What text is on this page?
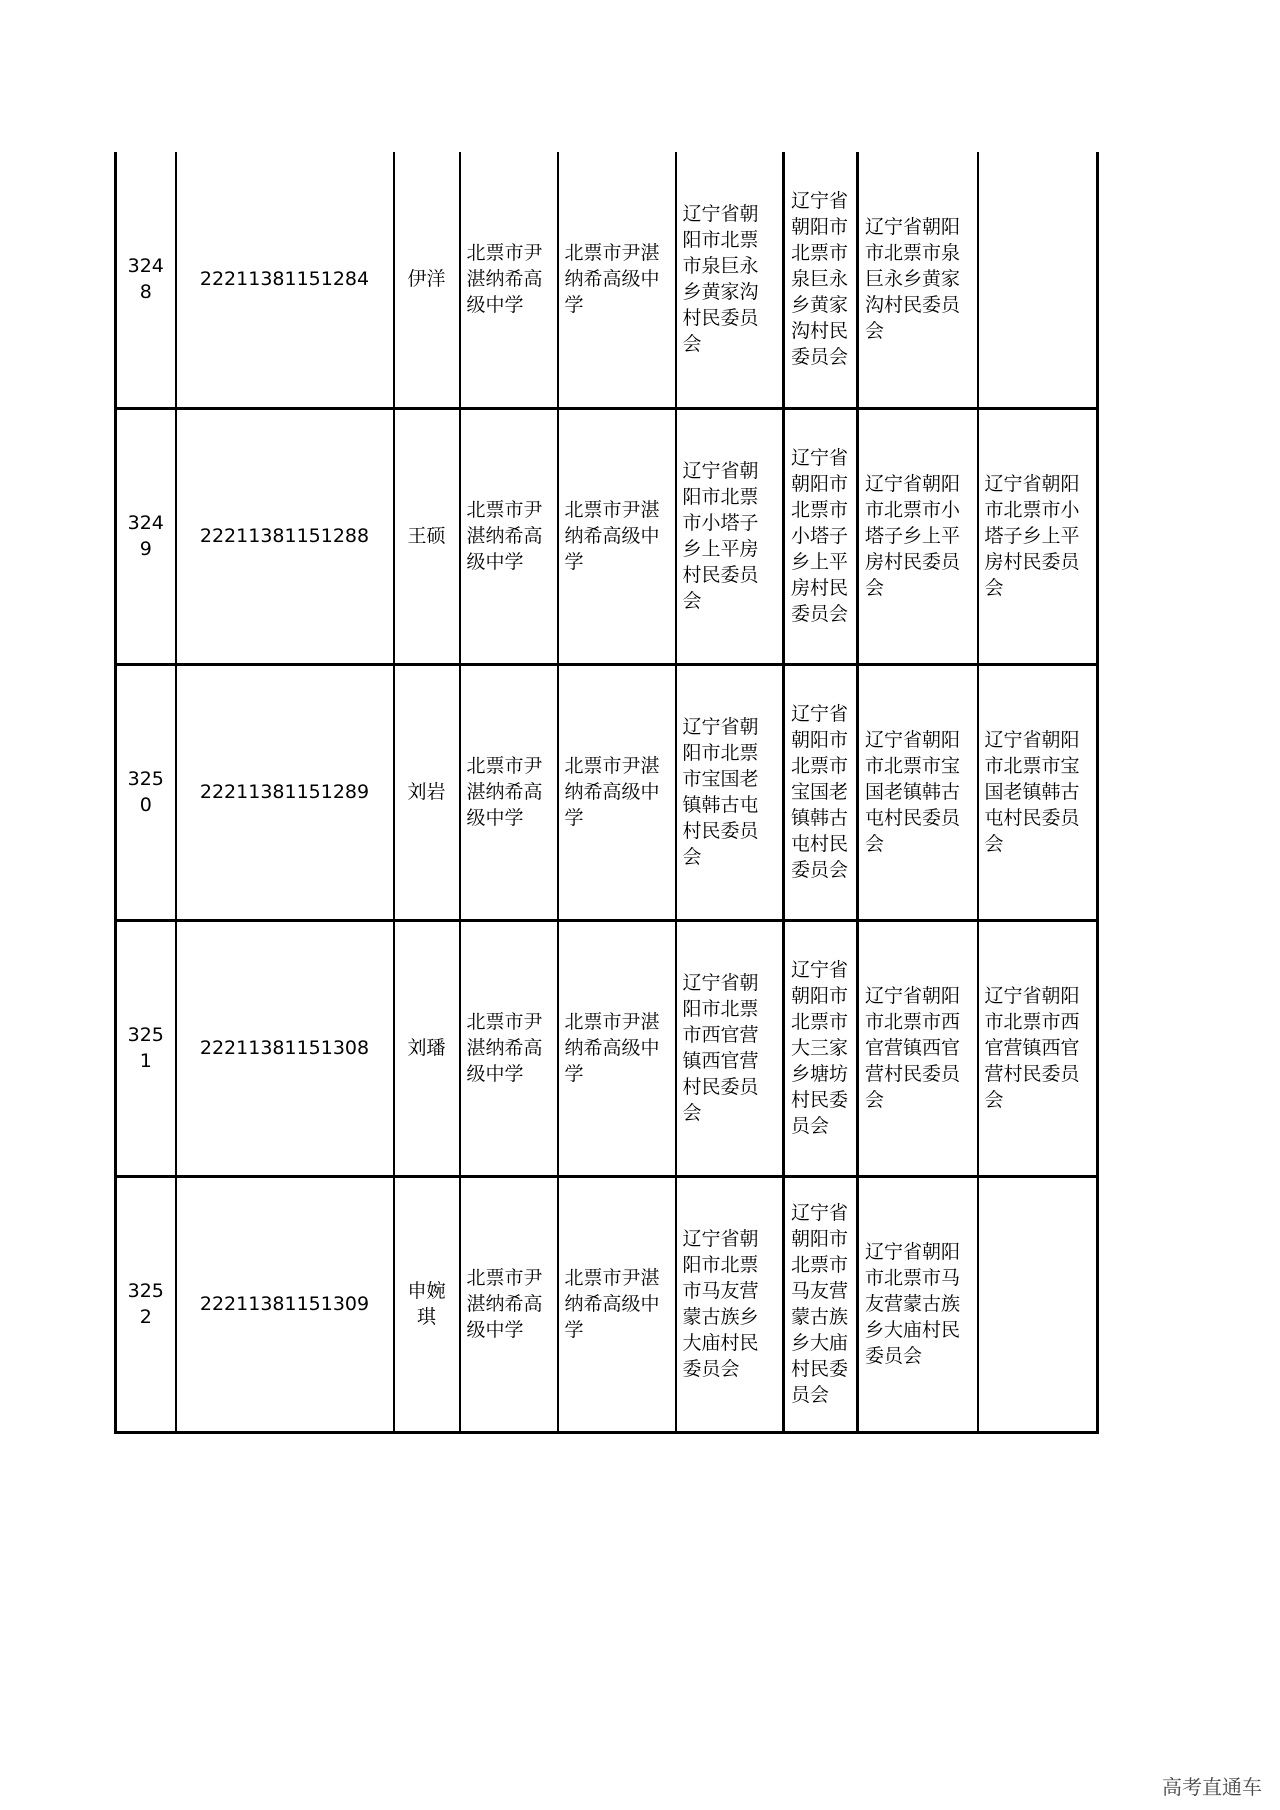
3248	22211381151284	伊洋	北票市尹湛纳希高级中学	北票市尹湛纳希高级中学	辽宁省朝阳市北票市泉巨永乡黄家沟村民委员会	辽宁省朝阳市北票市泉巨永乡黄家沟村民委员会	辽宁省朝阳市北票市泉巨永乡黄家沟村民委员会	
3249	22211381151288	王硕	北票市尹湛纳希高级中学	北票市尹湛纳希高级中学	辽宁省朝阳市北票市小塔子乡上平房村民委员会	辽宁省朝阳市北票市小塔子乡上平房村民委员会	辽宁省朝阳市北票市小塔子乡上平房村民委员会	辽宁省朝阳市北票市小塔子乡上平房村民委员会
3250	22211381151289	刘岩	北票市尹湛纳希高级中学	北票市尹湛纳希高级中学	辽宁省朝阳市北票市宝国老镇韩古屯村民委员会	辽宁省朝阳市北票市宝国老镇韩古屯村民委员会	辽宁省朝阳市北票市宝国老镇韩古屯村民委员会	辽宁省朝阳市北票市宝国老镇韩古屯村民委员会
3251	22211381151308	刘璠	北票市尹湛纳希高级中学	北票市尹湛纳希高级中学	辽宁省朝阳市北票市西官营镇西官营村民委员会	辽宁省朝阳市北票市大三家乡塘坊村民委员会	辽宁省朝阳市北票市西官营镇西官营村民委员会	辽宁省朝阳市北票市西官营镇西官营村民委员会
3252	22211381151309	申婉琪	北票市尹湛纳希高级中学	北票市尹湛纳希高级中学	辽宁省朝阳市北票市马友营蒙古族乡大庙村民委员会	辽宁省朝阳市北票市马友营蒙古族乡大庙村民委员会	辽宁省朝阳市北票市马友营蒙古族乡大庙村民委员会	
高考直通车
